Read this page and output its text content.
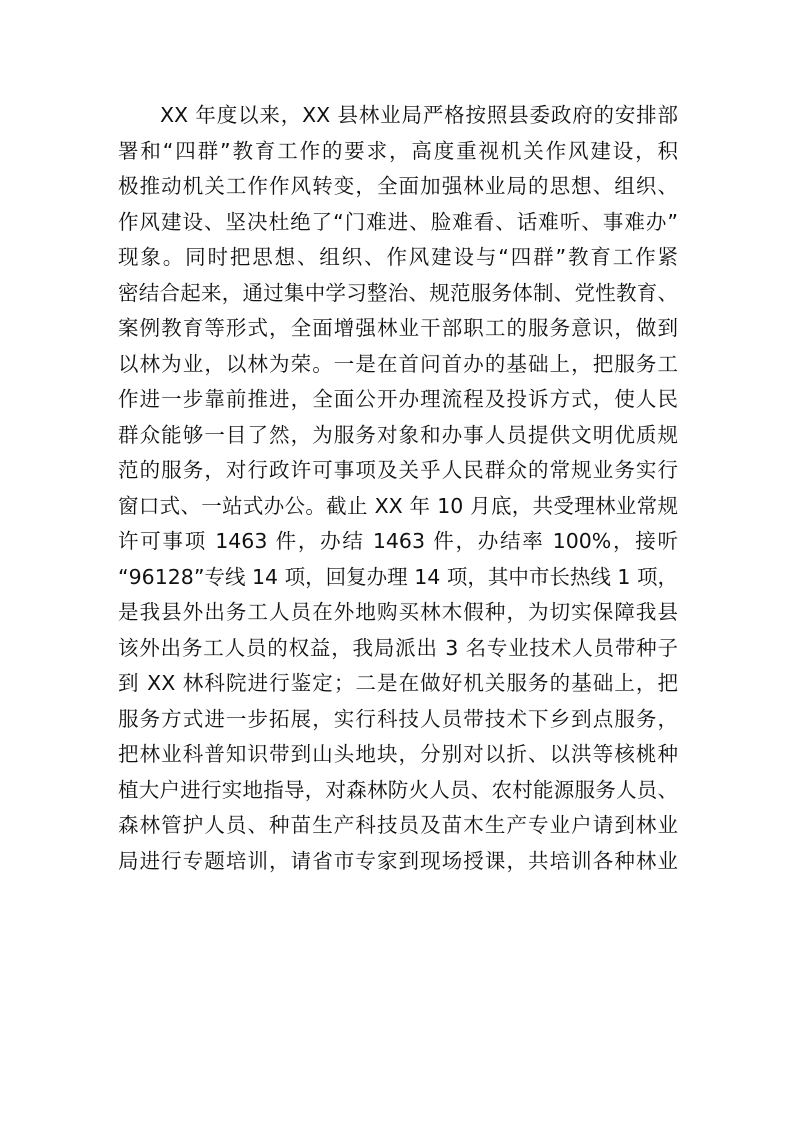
XX 年度以来，XX 县林业局严格按照县委政府的安排部
署和“四群”教育工作的要求，高度重视机关作风建设，积
极推动机关工作作风转变，全面加强林业局的思想、组织、
作风建设、坚决杜绝了“门难进、脸难看、话难听、事难办”
现象。同时把思想、组织、作风建设与“四群”教育工作紧
密结合起来，通过集中学习整治、规范服务体制、党性教育、
案例教育等形式，全面增强林业干部职工的服务意识，做到
以林为业，以林为荣。一是在首问首办的基础上，把服务工
作进一步靠前推进，全面公开办理流程及投诉方式，使人民
群众能够一目了然，为服务对象和办事人员提供文明优质规
范的服务，对行政许可事项及关乎人民群众的常规业务实行
窗口式、一站式办公。截止 XX 年 10 月底，共受理林业常规
许可事项 1463 件，办结 1463 件，办结率 100%，接听
“96128”专线 14 项，回复办理 14 项，其中市长热线 1 项，
是我县外出务工人员在外地购买林木假种，为切实保障我县
该外出务工人员的权益，我局派出 3 名专业技术人员带种子
到 XX 林科院进行鉴定；二是在做好机关服务的基础上，把
服务方式进一步拓展，实行科技人员带技术下乡到点服务，
把林业科普知识带到山头地块，分别对以折、以洪等核桃种
植大户进行实地指导，对森林防火人员、农村能源服务人员、
森林管护人员、种苗生产科技员及苗木生产专业户请到林业
局进行专题培训，请省市专家到现场授课，共培训各种林业
